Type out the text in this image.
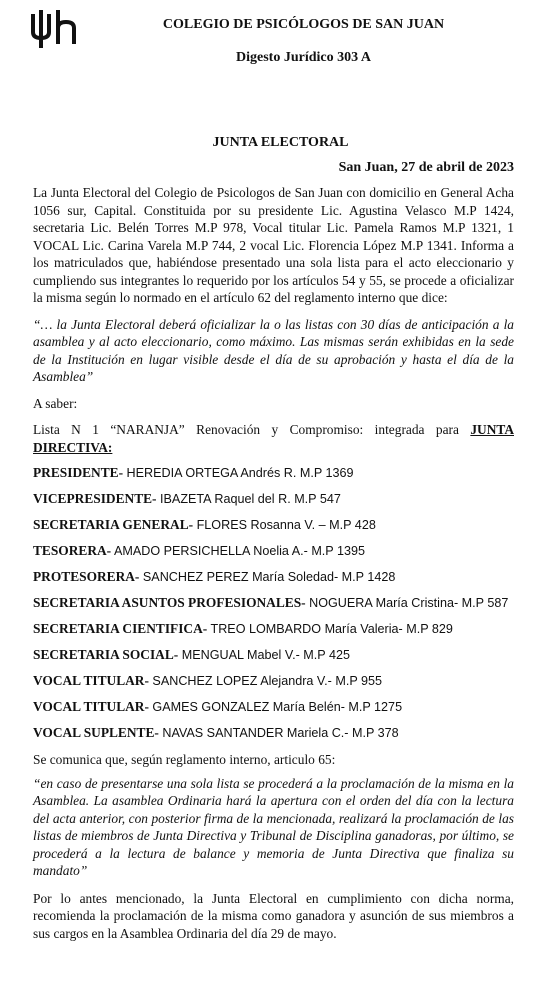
COLEGIO DE PSICÓLOGOS DE SAN JUAN
Digesto Jurídico 303 A
JUNTA ELECTORAL
San Juan, 27 de abril de 2023

La Junta Electoral del Colegio de Psicologos de San Juan con domicilio en General Acha 1056 sur, Capital. Constituida por su presidente Lic. Agustina Velasco M.P 1424, secretaria Lic. Belén Torres M.P 978, Vocal titular Lic. Pamela Ramos M.P 1321, 1 VOCAL Lic. Carina Varela M.P 744, 2 vocal Lic. Florencia López M.P 1341. Informa a los matriculados que, habiéndose presentado una sola lista para el acto eleccionario y cumpliendo sus integrantes lo requerido por los artículos 54 y 55, se procede a oficializar la misma según lo normado en el artículo 62 del reglamento interno que dice:

“… la Junta Electoral deberá oficializar la o las listas con 30 días de anticipación a la asamblea y al acto eleccionario, como máximo. Las mismas serán exhibidas en la sede de la Institución en lugar visible desde el día de su aprobación y hasta el día de la Asamblea”

A saber:

Lista N 1 “NARANJA” Renovación y Compromiso: integrada para JUNTA DIRECTIVA:

PRESIDENTE- HEREDIA ORTEGA Andrés R. M.P 1369

VICEPRESIDENTE- IBAZETA Raquel del R. M.P 547

SECRETARIA GENERAL- FLORES Rosanna V. – M.P 428

TESORERA- AMADO PERSICHELLA Noelia A.- M.P 1395

PROTESORERA- SANCHEZ PEREZ María Soledad- M.P 1428

SECRETARIA ASUNTOS PROFESIONALES- NOGUERA María Cristina- M.P 587

SECRETARIA CIENTIFICA- TREO LOMBARDO María Valeria- M.P 829

SECRETARIA SOCIAL- MENGUAL Mabel V.- M.P 425

VOCAL TITULAR- SANCHEZ LOPEZ Alejandra V.- M.P 955

VOCAL TITULAR- GAMES GONZALEZ María Belén- M.P 1275

VOCAL SUPLENTE- NAVAS SANTANDER Mariela C.- M.P 378

Se comunica que, según reglamento interno, articulo 65:

“en caso de presentarse una sola lista se procederá a la proclamación de la misma en la Asamblea. La asamblea Ordinaria hará la apertura con el orden del día con la lectura del acta anterior, con posterior firma de la mencionada, realizará la proclamación de las listas de miembros de Junta Directiva y Tribunal de Disciplina ganadoras, por último, se procederá a la lectura de balance y memoria de Junta Directiva que finaliza su mandato”

Por lo antes mencionado, la Junta Electoral en cumplimiento con dicha norma, recomienda la proclamación de la misma como ganadora y asunción de sus miembros a sus cargos en la Asamblea Ordinaria del día 29 de mayo.
